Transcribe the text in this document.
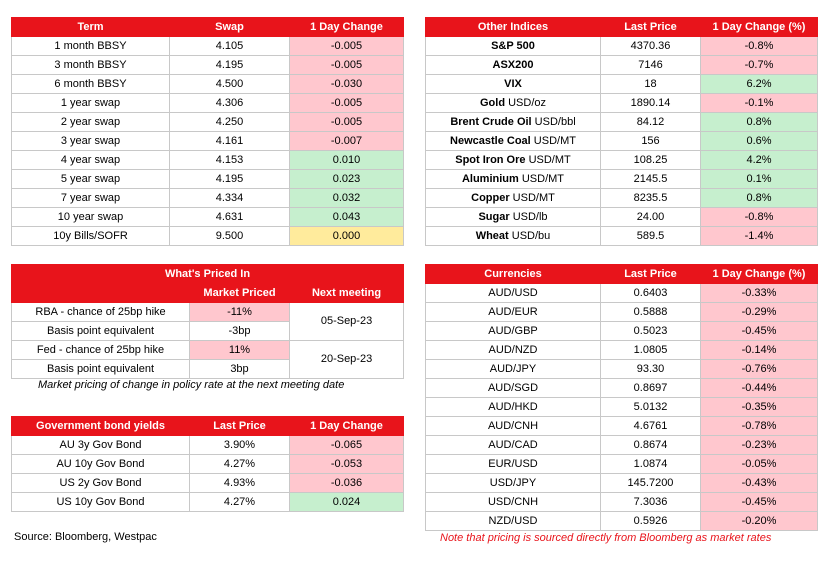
Term	Swap	1 Day Change
1 month BBSY	4.105	-0.005
3 month BBSY	4.195	-0.005
6 month BBSY	4.500	-0.030
1 year swap	4.306	-0.005
2 year swap	4.250	-0.005
3 year swap	4.161	-0.007
4 year swap	4.153	0.010
5 year swap	4.195	0.023
7 year swap	4.334	0.032
10 year swap	4.631	0.043
10y Bills/SOFR	9.500	0.000
Other Indices	Last Price	1 Day Change (%)
S&P 500	4370.36	-0.8%
ASX200	7146	-0.7%
VIX	18	6.2%
Gold USD/oz	1890.14	-0.1%
Brent Crude Oil USD/bbl	84.12	0.8%
Newcastle Coal USD/MT	156	0.6%
Spot Iron Ore USD/MT	108.25	4.2%
Aluminium USD/MT	2145.5	0.1%
Copper USD/MT	8235.5	0.8%
Sugar USD/lb	24.00	-0.8%
Wheat USD/bu	589.5	-1.4%
What's Priced In		
	Market Priced	Next meeting
RBA - chance of 25bp hike	-11%	05-Sep-23
Basis point equivalent	-3bp	
Fed - chance of 25bp hike	11%	20-Sep-23
Basis point equivalent	3bp	
Market pricing of change in policy rate at the next meeting date
Government bond yields	Last Price	1 Day Change
AU 3y Gov Bond	3.90%	-0.065
AU 10y Gov Bond	4.27%	-0.053
US 2y Gov Bond	4.93%	-0.036
US 10y Gov Bond	4.27%	0.024
Currencies	Last Price	1 Day Change (%)
AUD/USD	0.6403	-0.33%
AUD/EUR	0.5888	-0.29%
AUD/GBP	0.5023	-0.45%
AUD/NZD	1.0805	-0.14%
AUD/JPY	93.30	-0.76%
AUD/SGD	0.8697	-0.44%
AUD/HKD	5.0132	-0.35%
AUD/CNH	4.6761	-0.78%
AUD/CAD	0.8674	-0.23%
EUR/USD	1.0874	-0.05%
USD/JPY	145.7200	-0.43%
USD/CNH	7.3036	-0.45%
NZD/USD	0.5926	-0.20%
Source: Bloomberg, Westpac	Note that pricing is sourced directly from Bloomberg as market rates
